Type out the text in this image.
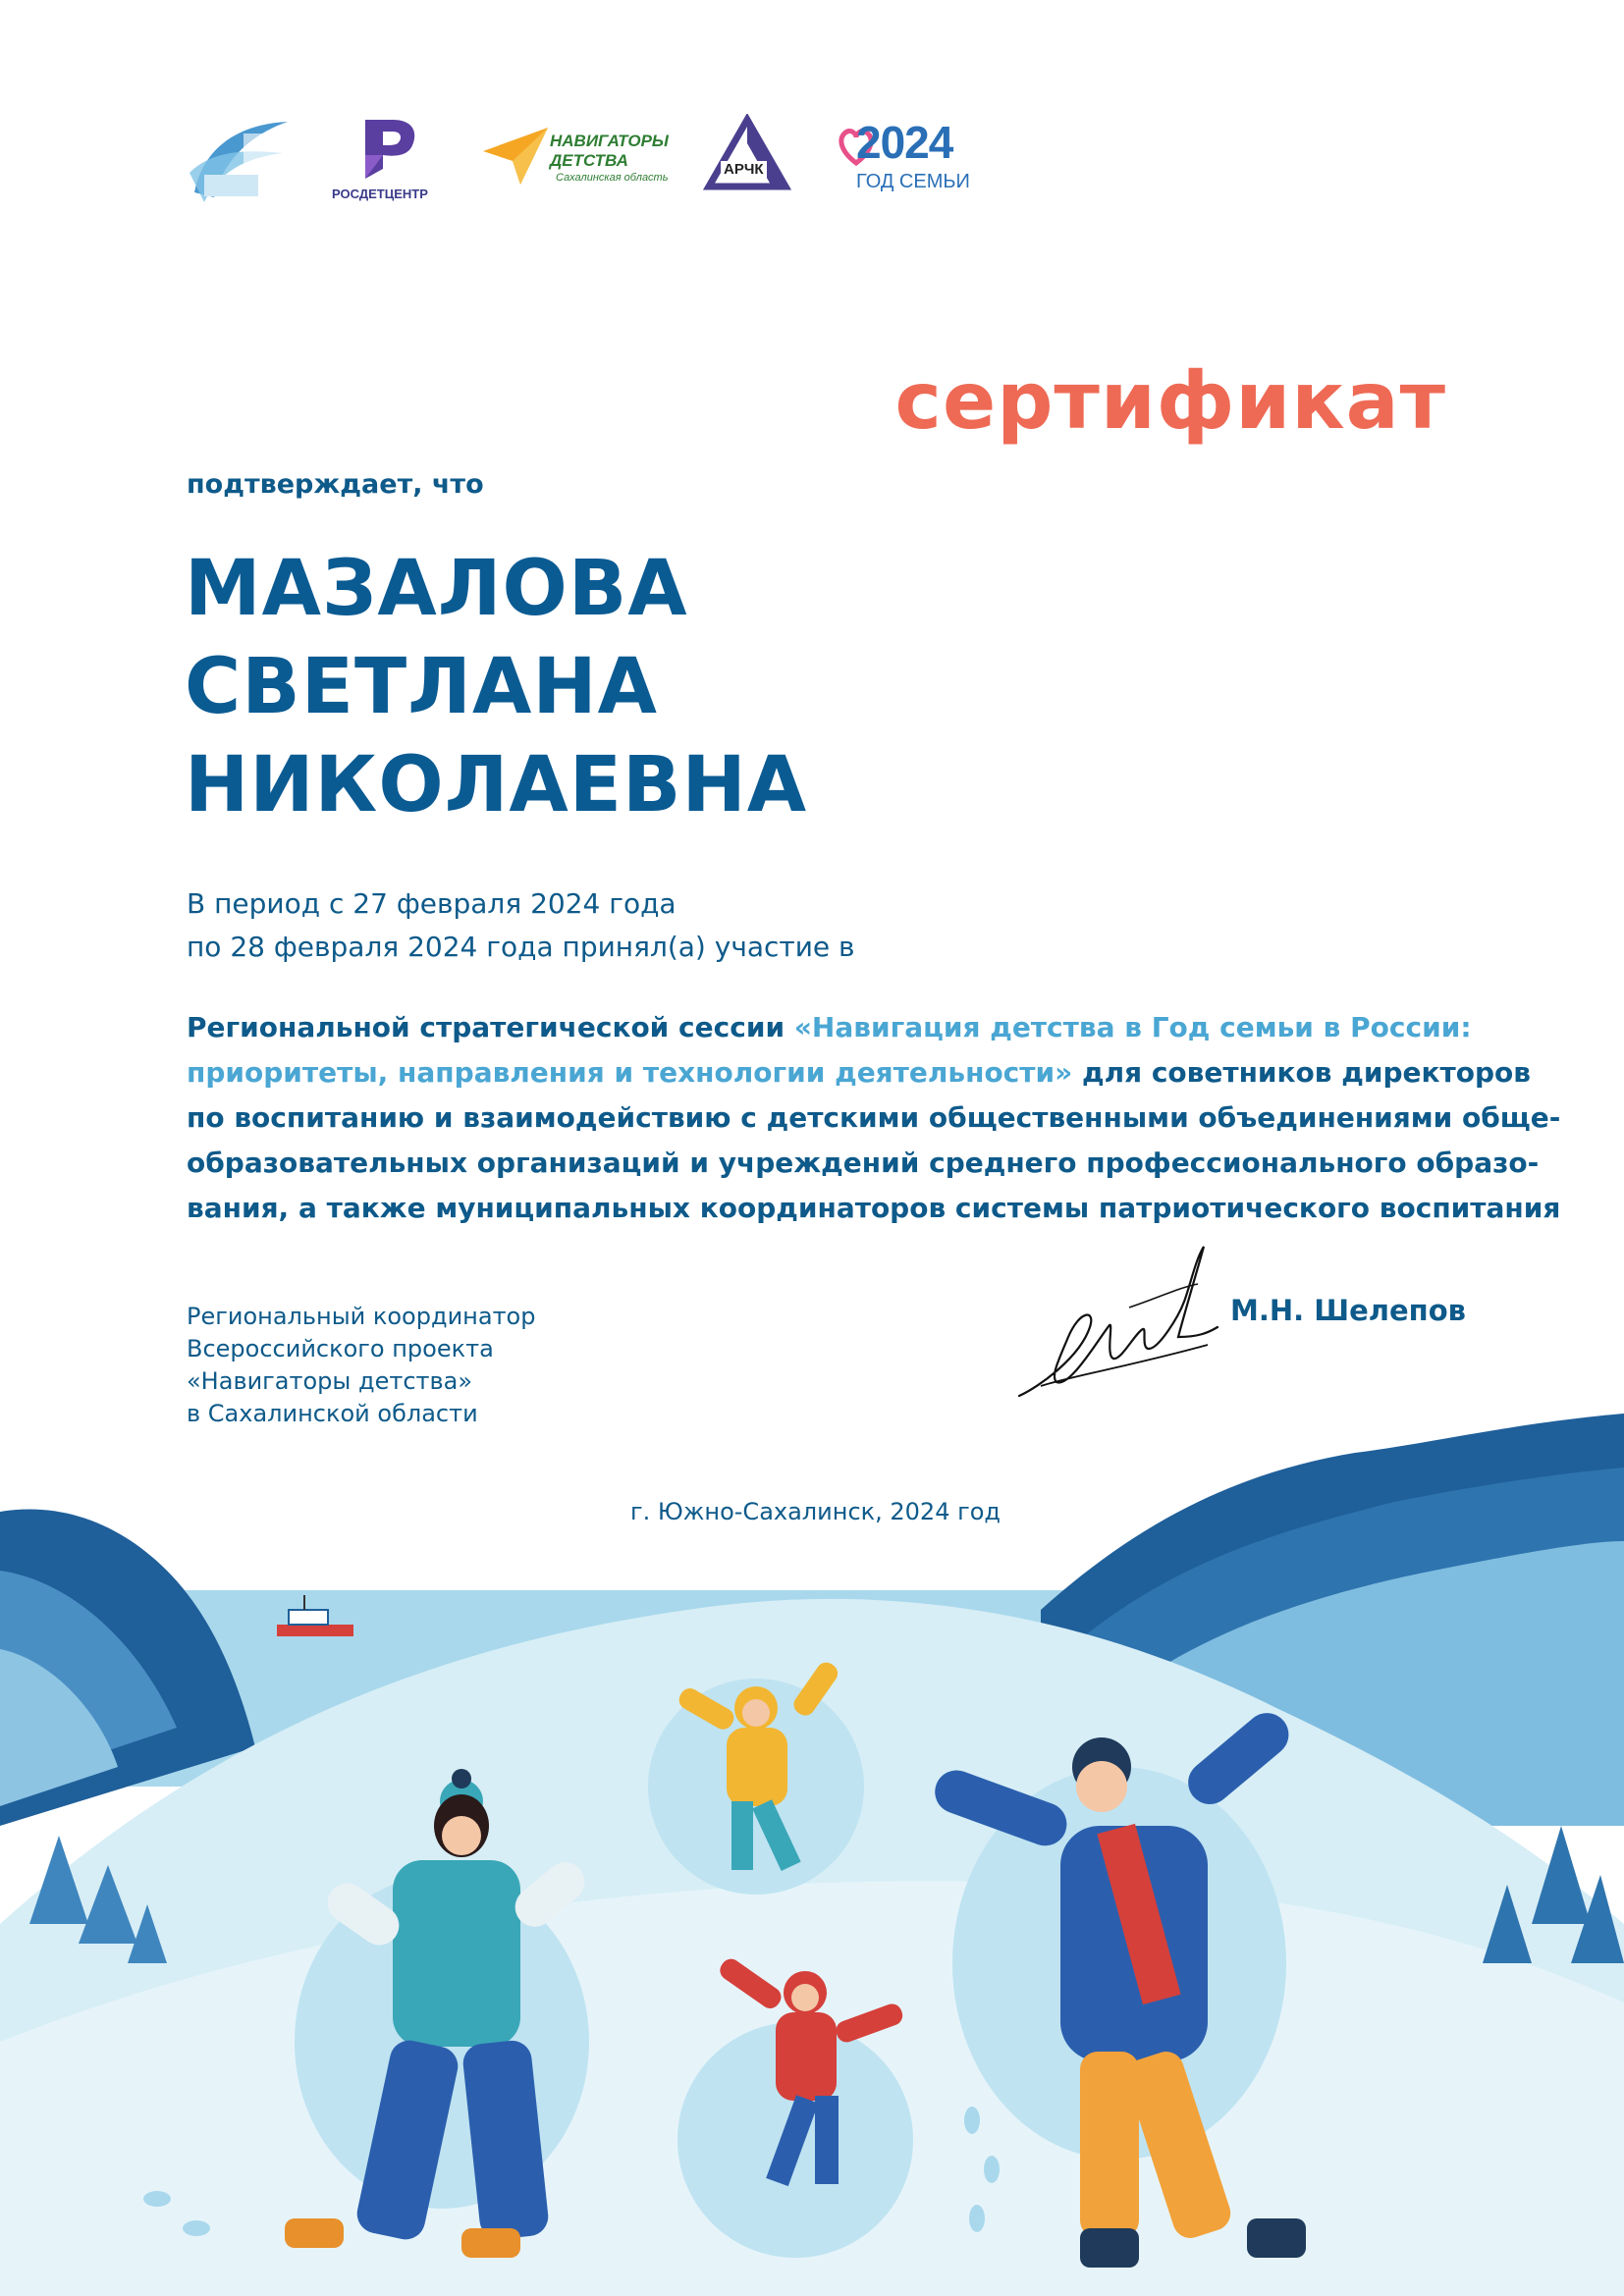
РОСДЕТЦЕНТР
НАВИГАТОРЫ
ДЕТСТВА
Сахалинская область	АРЧК
2024
ГОД СЕМЬИ
сертификат
подтверждает, что
МАЗАЛОВА
СВЕТЛАНА
НИКОЛАЕВНА
В период с 27 февраля 2024 года
по 28 февраля 2024 года принял(а) участие в
Региональной стратегической сессии «Навигация детства в Год семьи в России:
приоритеты, направления и технологии деятельности» для советников директоров
по воспитанию и взаимодействию с детскими общественными объединениями обще-
образовательных организаций и учреждений среднего профессионального образо-
вания, а также муниципальных координаторов системы патриотического воспитания
Региональный координатор
Всероссийского проекта
«Навигаторы детства»
в Сахалинской области
М.Н. Шелепов
г. Южно-Сахалинск, 2024 год
